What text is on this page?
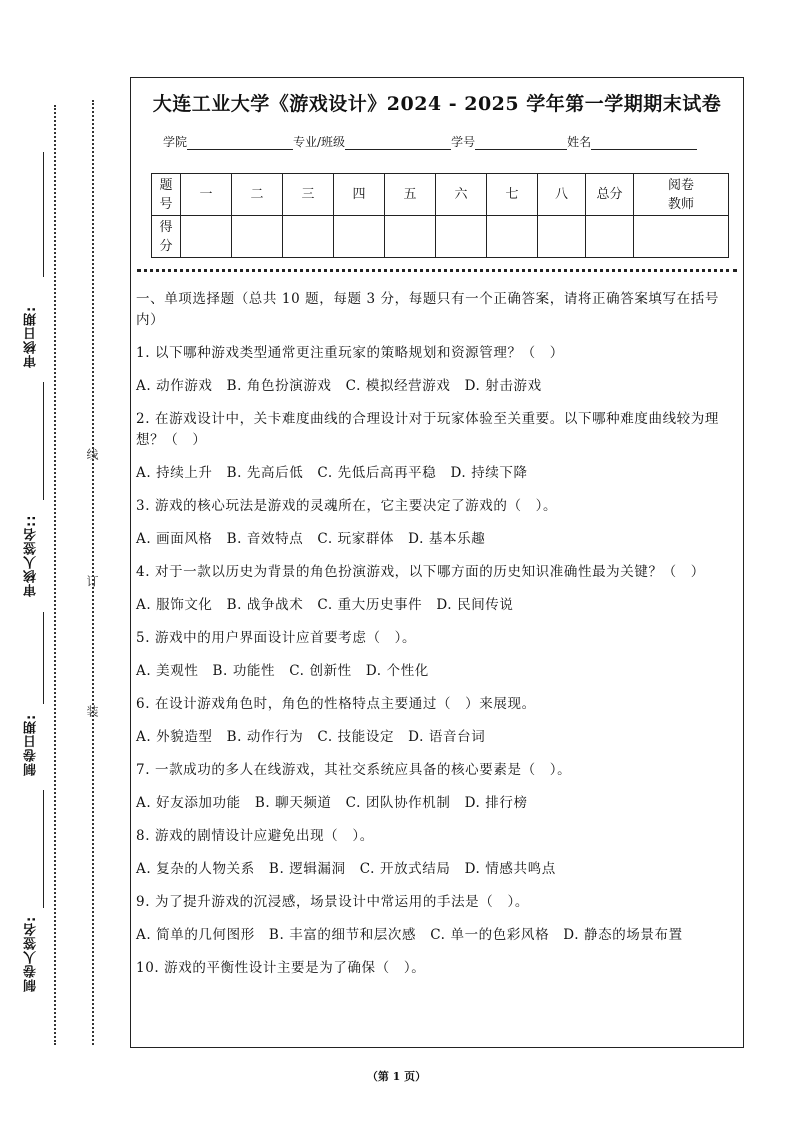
审核日期:
审核人签名::
制卷日期:
制卷人签名:
线
订
装
大连工业大学《游戏设计》2024 - 2025 学年第一学期期末试卷
学院	专业/班级	学号	姓名
题号	一	二	三	四	五	六	七	八	总分	阅卷教师
得分										

一、单项选择题（总共 10 题，每题 3 分，每题只有一个正确答案，请将正确答案填写在括号内）

1. 以下哪种游戏类型通常更注重玩家的策略规划和资源管理？（　）

A. 动作游戏　B. 角色扮演游戏　C. 模拟经营游戏　D. 射击游戏

2. 在游戏设计中，关卡难度曲线的合理设计对于玩家体验至关重要。以下哪种难度曲线较为理想？（　）

A. 持续上升　B. 先高后低　C. 先低后高再平稳　D. 持续下降

3. 游戏的核心玩法是游戏的灵魂所在，它主要决定了游戏的（　）。

A. 画面风格　B. 音效特点　C. 玩家群体　D. 基本乐趣

4. 对于一款以历史为背景的角色扮演游戏，以下哪方面的历史知识准确性最为关键？（　）

A. 服饰文化　B. 战争战术　C. 重大历史事件　D. 民间传说

5. 游戏中的用户界面设计应首要考虑（　）。

A. 美观性　B. 功能性　C. 创新性　D. 个性化

6. 在设计游戏角色时，角色的性格特点主要通过（　）来展现。

A. 外貌造型　B. 动作行为　C. 技能设定　D. 语音台词

7. 一款成功的多人在线游戏，其社交系统应具备的核心要素是（　）。

A. 好友添加功能　B. 聊天频道　C. 团队协作机制　D. 排行榜

8. 游戏的剧情设计应避免出现（　）。

A. 复杂的人物关系　B. 逻辑漏洞　C. 开放式结局　D. 情感共鸣点

9. 为了提升游戏的沉浸感，场景设计中常运用的手法是（　）。

A. 简单的几何图形　B. 丰富的细节和层次感　C. 单一的色彩风格　D. 静态的场景布置

10. 游戏的平衡性设计主要是为了确保（　）。

（第 1 页）
